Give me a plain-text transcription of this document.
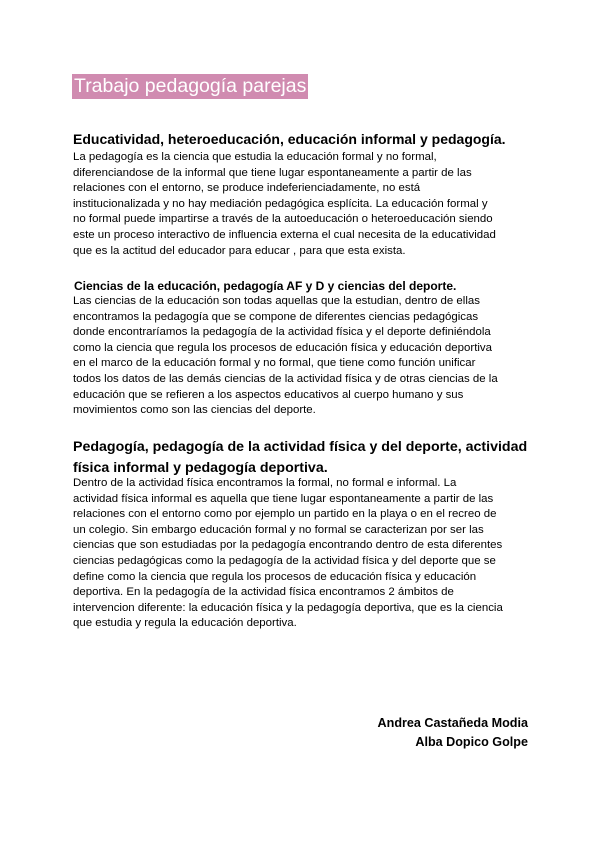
Trabajo pedagogía parejas
Educatividad, heteroeducación, educación informal y pedagogía.

La pedagogía es la ciencia que estudia la educación formal y no formal,
diferenciandose de la informal que tiene lugar espontaneamente a partir de las
relaciones con el entorno, se produce indeferienciadamente, no está
institucionalizada y no hay mediación pedagógica esplícita. La educación formal y
no formal puede impartirse a través de la autoeducación o heteroeducación siendo
este un proceso interactivo de influencia externa el cual necesita de la educatividad
que es la actitud del educador para educar , para que esta exista.

Ciencias de la educación, pedagogía AF y D y ciencias del deporte.

Las ciencias de la educación son todas aquellas que la estudian, dentro de ellas
encontramos la pedagogía que se compone de diferentes ciencias pedagógicas
donde encontraríamos la pedagogía de la actividad física y el deporte definiéndola
como la ciencia que regula los procesos de educación física y educación deportiva
en el marco de la educación formal y no formal, que tiene como función unificar
todos los datos de las demás ciencias de la actividad física y de otras ciencias de la
educación que se refieren a los aspectos educativos al cuerpo humano y sus
movimientos como son las ciencias del deporte.

Pedagogía, pedagogía de la actividad física y del deporte, actividad física informal y pedagogía deportiva.

Dentro de la actividad física encontramos la formal, no formal e informal. La
actividad física informal es aquella que tiene lugar espontaneamente a partir de las
relaciones con el entorno como por ejemplo un partido en la playa o en el recreo de
un colegio. Sin embargo educación formal y no formal se caracterizan por ser las
ciencias que son estudiadas por la pedagogía encontrando dentro de esta diferentes
ciencias pedagógicas como la pedagogía de la actividad física y del deporte que se
define como la ciencia que regula los procesos de educación física y educación
deportiva. En la pedagogía de la actividad física encontramos 2 ámbitos de
intervencion diferente: la educación física y la pedagogía deportiva, que es la ciencia
que estudia y regula la educación deportiva.

Andrea Castañeda Modia
Alba Dopico Golpe
